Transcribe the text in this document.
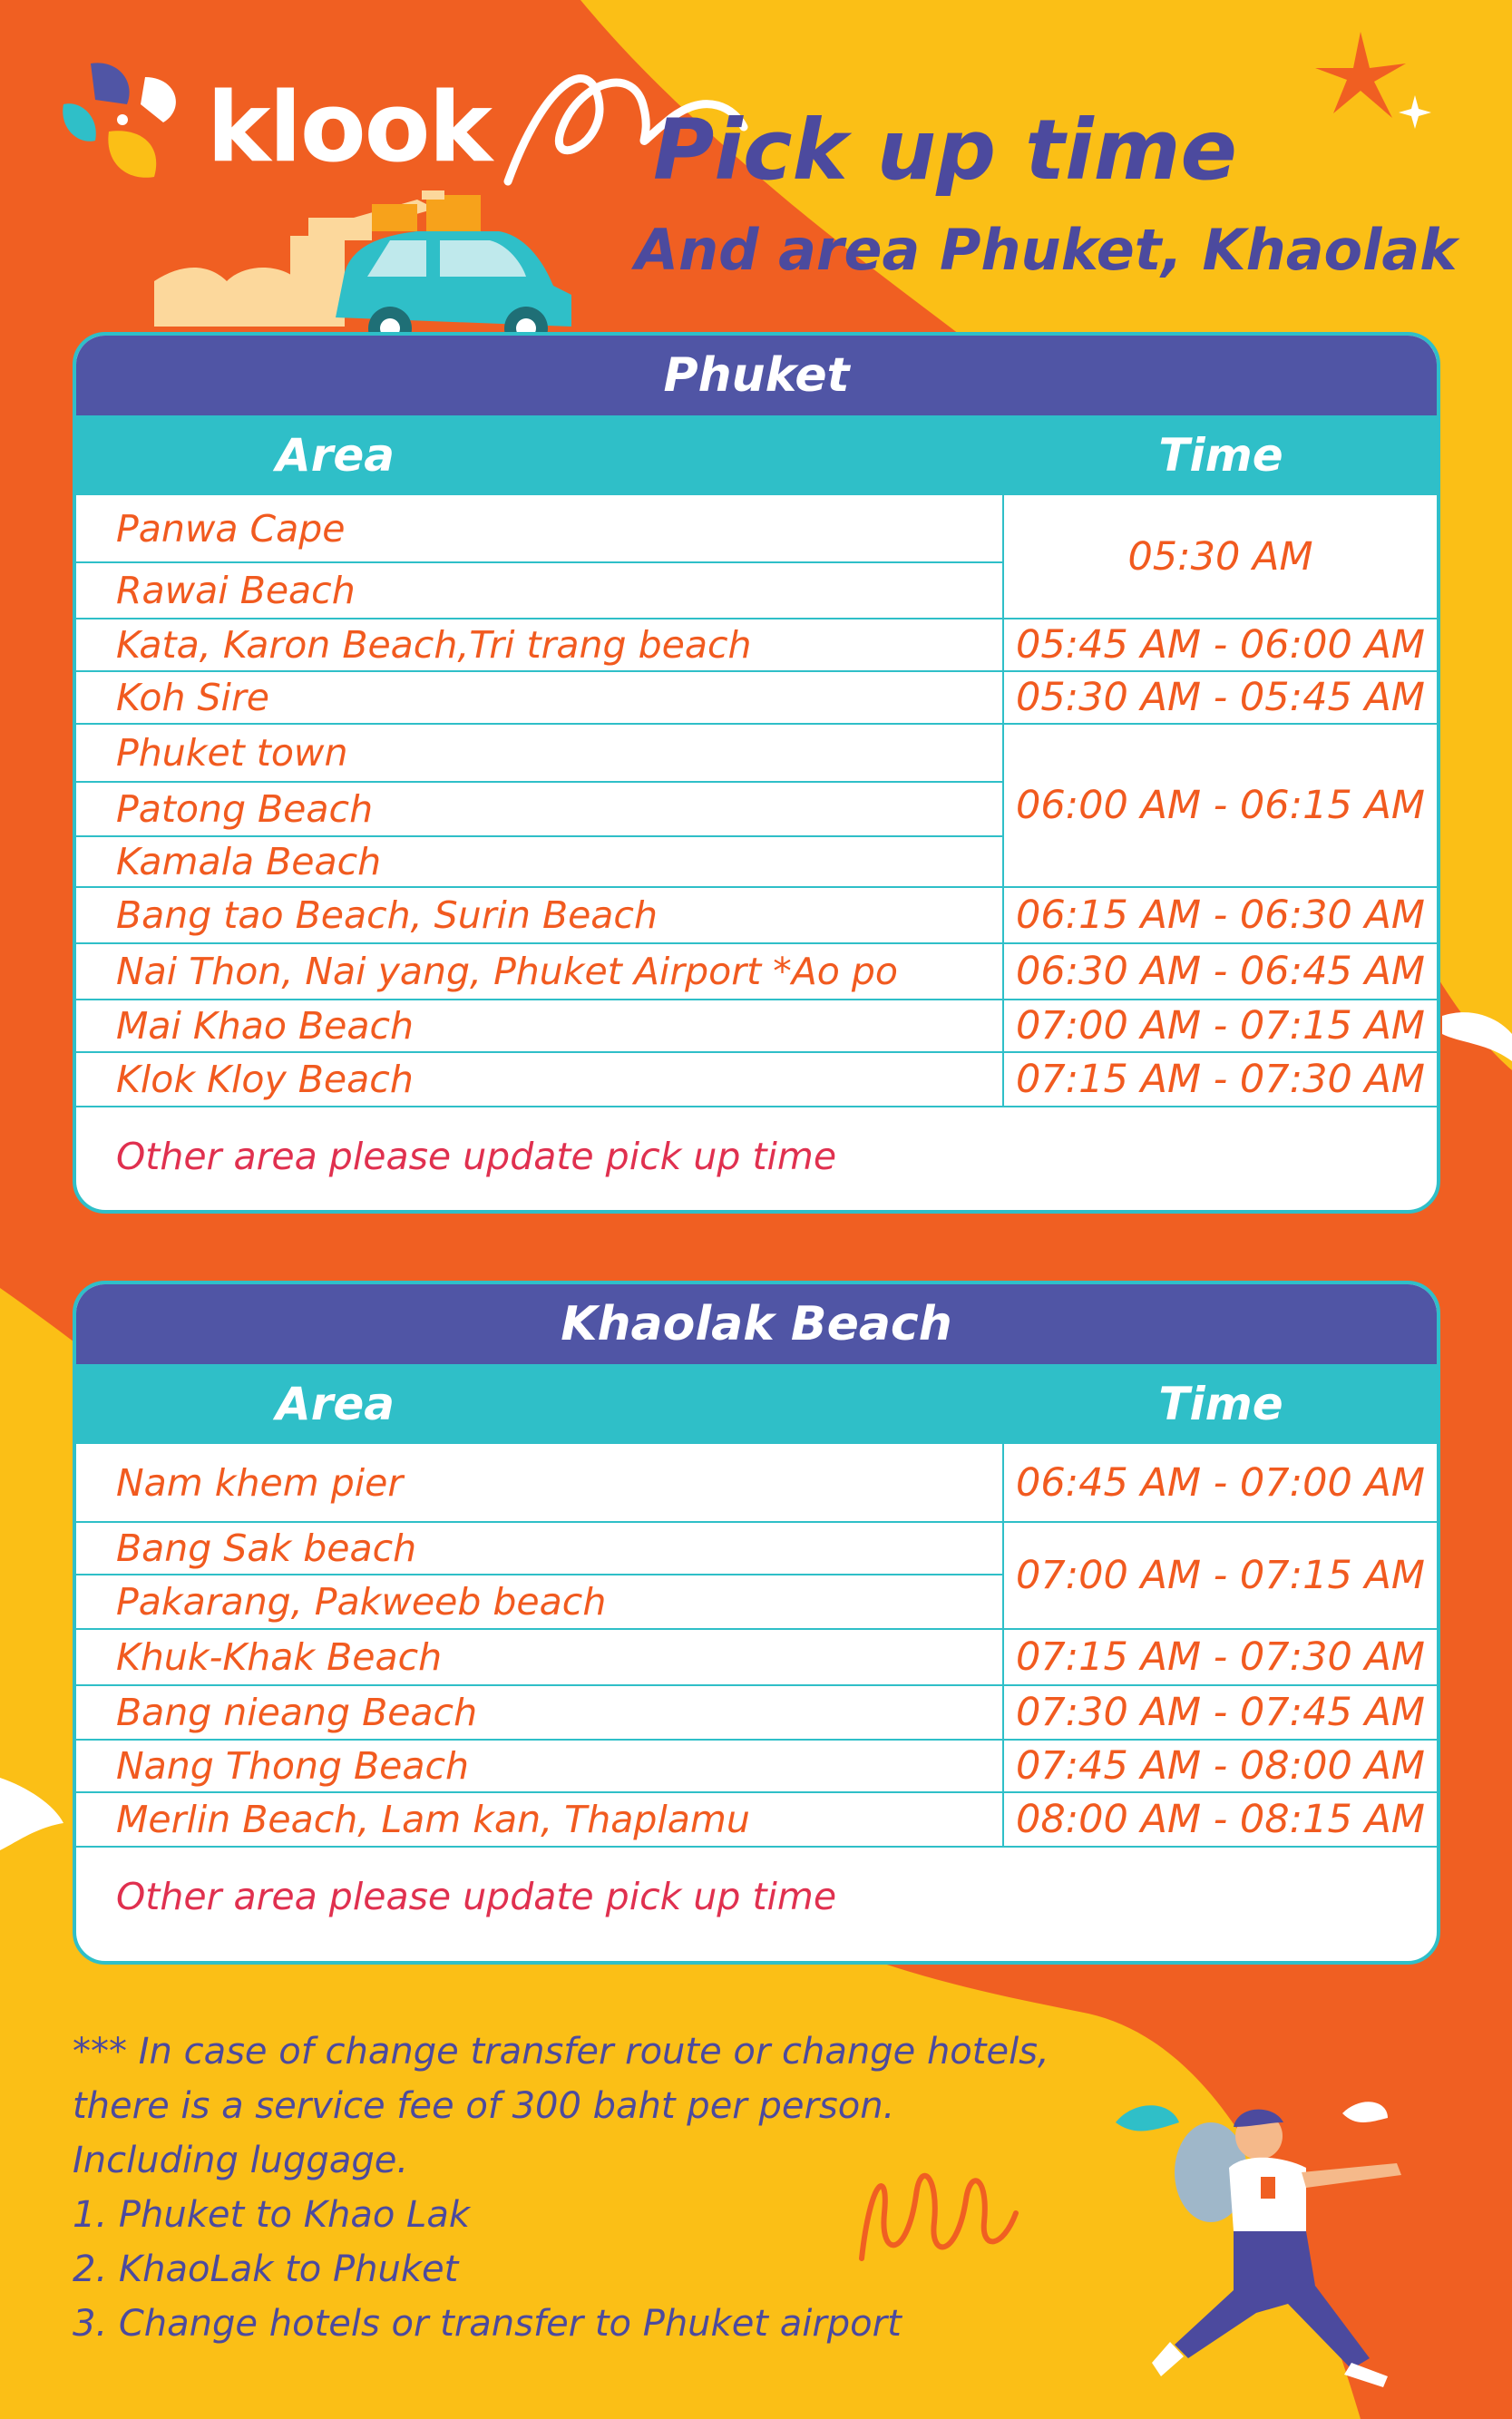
klook Pick up time
And area Phuket, Khaolak
Phuket
Area	Time
Panwa Cape	05:30 AM
Rawai Beach	
Kata, Karon Beach,Tri trang beach	05:45 AM - 06:00 AM
Koh Sire	05:30 AM - 05:45 AM
Phuket town	06:00 AM - 06:15 AM
Patong Beach	
Kamala Beach	
Bang tao Beach, Surin Beach	06:15 AM - 06:30 AM
Nai Thon, Nai yang, Phuket Airport *Ao po	06:30 AM - 06:45 AM
Mai Khao Beach	07:00 AM - 07:15 AM
Klok Kloy Beach	07:15 AM - 07:30 AM
Other area please update pick up time
Khaolak Beach
Area	Time
Nam khem pier	06:45 AM - 07:00 AM
Bang Sak beach	07:00 AM - 07:15 AM
Pakarang, Pakweeb beach	
Khuk-Khak Beach	07:15 AM - 07:30 AM
Bang nieang Beach	07:30 AM - 07:45 AM
Nang Thong Beach	07:45 AM - 08:00 AM
Merlin Beach, Lam kan, Thaplamu	08:00 AM - 08:15 AM
Other area please update pick up time
*** In case of change transfer route or change hotels,
there is a service fee of 300 baht per person.
Including luggage.
1. Phuket to Khao Lak
2. KhaoLak to Phuket
3. Change hotels or transfer to Phuket airport
